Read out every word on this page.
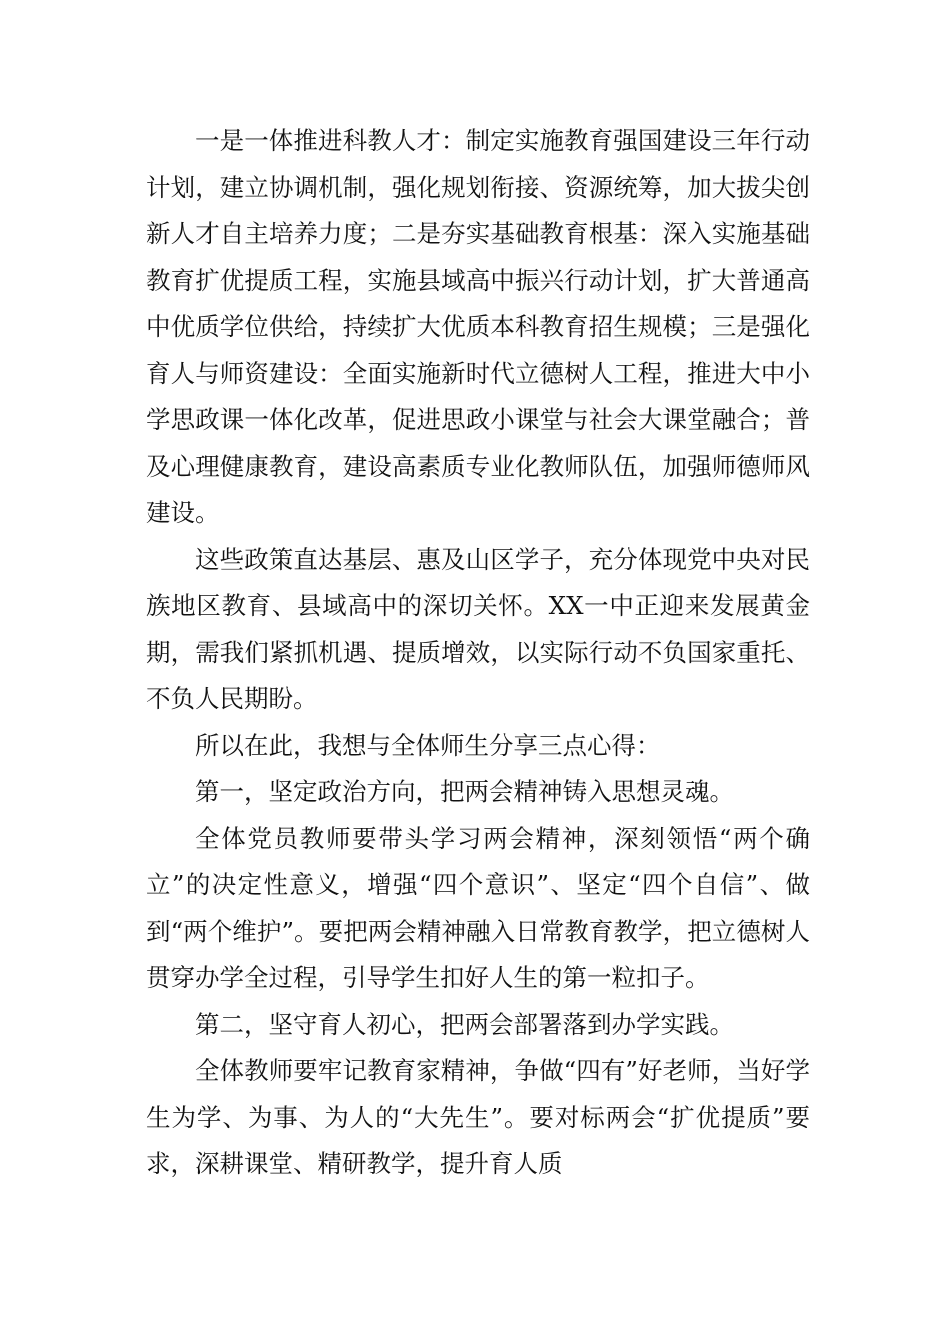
一是一体推进科教人才：制定实施教育强国建设三年行动计划，建立协调机制，强化规划衔接、资源统筹，加大拔尖创新人才自主培养力度；二是夯实基础教育根基：深入实施基础教育扩优提质工程，实施县域高中振兴行动计划，扩大普通高中优质学位供给，持续扩大优质本科教育招生规模；三是强化育人与师资建设：全面实施新时代立德树人工程，推进大中小学思政课一体化改革，促进思政小课堂与社会大课堂融合；普及心理健康教育，建设高素质专业化教师队伍，加强师德师风建设。

这些政策直达基层、惠及山区学子，充分体现党中央对民族地区教育、县域高中的深切关怀。XX一中正迎来发展黄金期，需我们紧抓机遇、提质增效，以实际行动不负国家重托、不负人民期盼。

所以在此，我想与全体师生分享三点心得：

第一，坚定政治方向，把两会精神铸入思想灵魂。

全体党员教师要带头学习两会精神，深刻领悟“两个确立”的决定性意义，增强“四个意识”、坚定“四个自信”、做到“两个维护”。要把两会精神融入日常教育教学，把立德树人贯穿办学全过程，引导学生扣好人生的第一粒扣子。

第二，坚守育人初心，把两会部署落到办学实践。

全体教师要牢记教育家精神，争做“四有”好老师，当好学生为学、为事、为人的“大先生”。要对标两会“扩优提质”要求，深耕课堂、精研教学，提升育人质
